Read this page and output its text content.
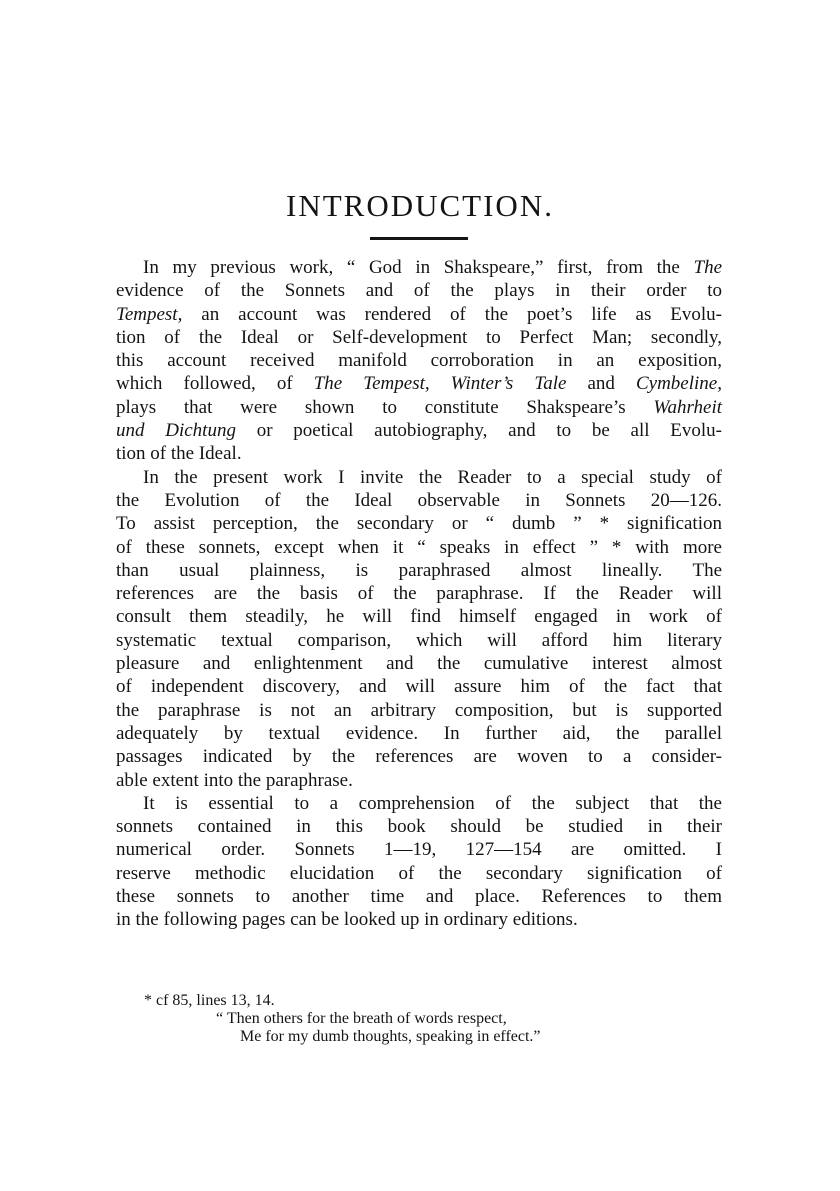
INTRODUCTION.
In my previous work, “ God in Shakspeare,” first, from the The
evidence of the Sonnets and of the plays in their order to
Tempest, an account was rendered of the poet’s life as Evolu-
tion of the Ideal or Self-development to Perfect Man; secondly,
this account received manifold corroboration in an exposition,
which followed, of The Tempest, Winter’s Tale and Cymbeline,
plays that were shown to constitute Shakspeare’s Wahrheit
und Dichtung or poetical autobiography, and to be all Evolu-
tion of the Ideal.
In the present work I invite the Reader to a special study of
the Evolution of the Ideal observable in Sonnets 20—126.
To assist perception, the secondary or “ dumb ” * signification
of these sonnets, except when it “ speaks in effect ” * with more
than usual plainness, is paraphrased almost lineally. The
references are the basis of the paraphrase. If the Reader will
consult them steadily, he will find himself engaged in work of
systematic textual comparison, which will afford him literary
pleasure and enlightenment and the cumulative interest almost
of independent discovery, and will assure him of the fact that
the paraphrase is not an arbitrary composition, but is supported
adequately by textual evidence. In further aid, the parallel
passages indicated by the references are woven to a consider-
able extent into the paraphrase.
It is essential to a comprehension of the subject that the
sonnets contained in this book should be studied in their
numerical order. Sonnets 1—19, 127—154 are omitted. I
reserve methodic elucidation of the secondary signification of
these sonnets to another time and place. References to them
in the following pages can be looked up in ordinary editions.
* cf 85, lines 13, 14.
“ Then others for the breath of words respect,
Me for my dumb thoughts, speaking in effect.”
